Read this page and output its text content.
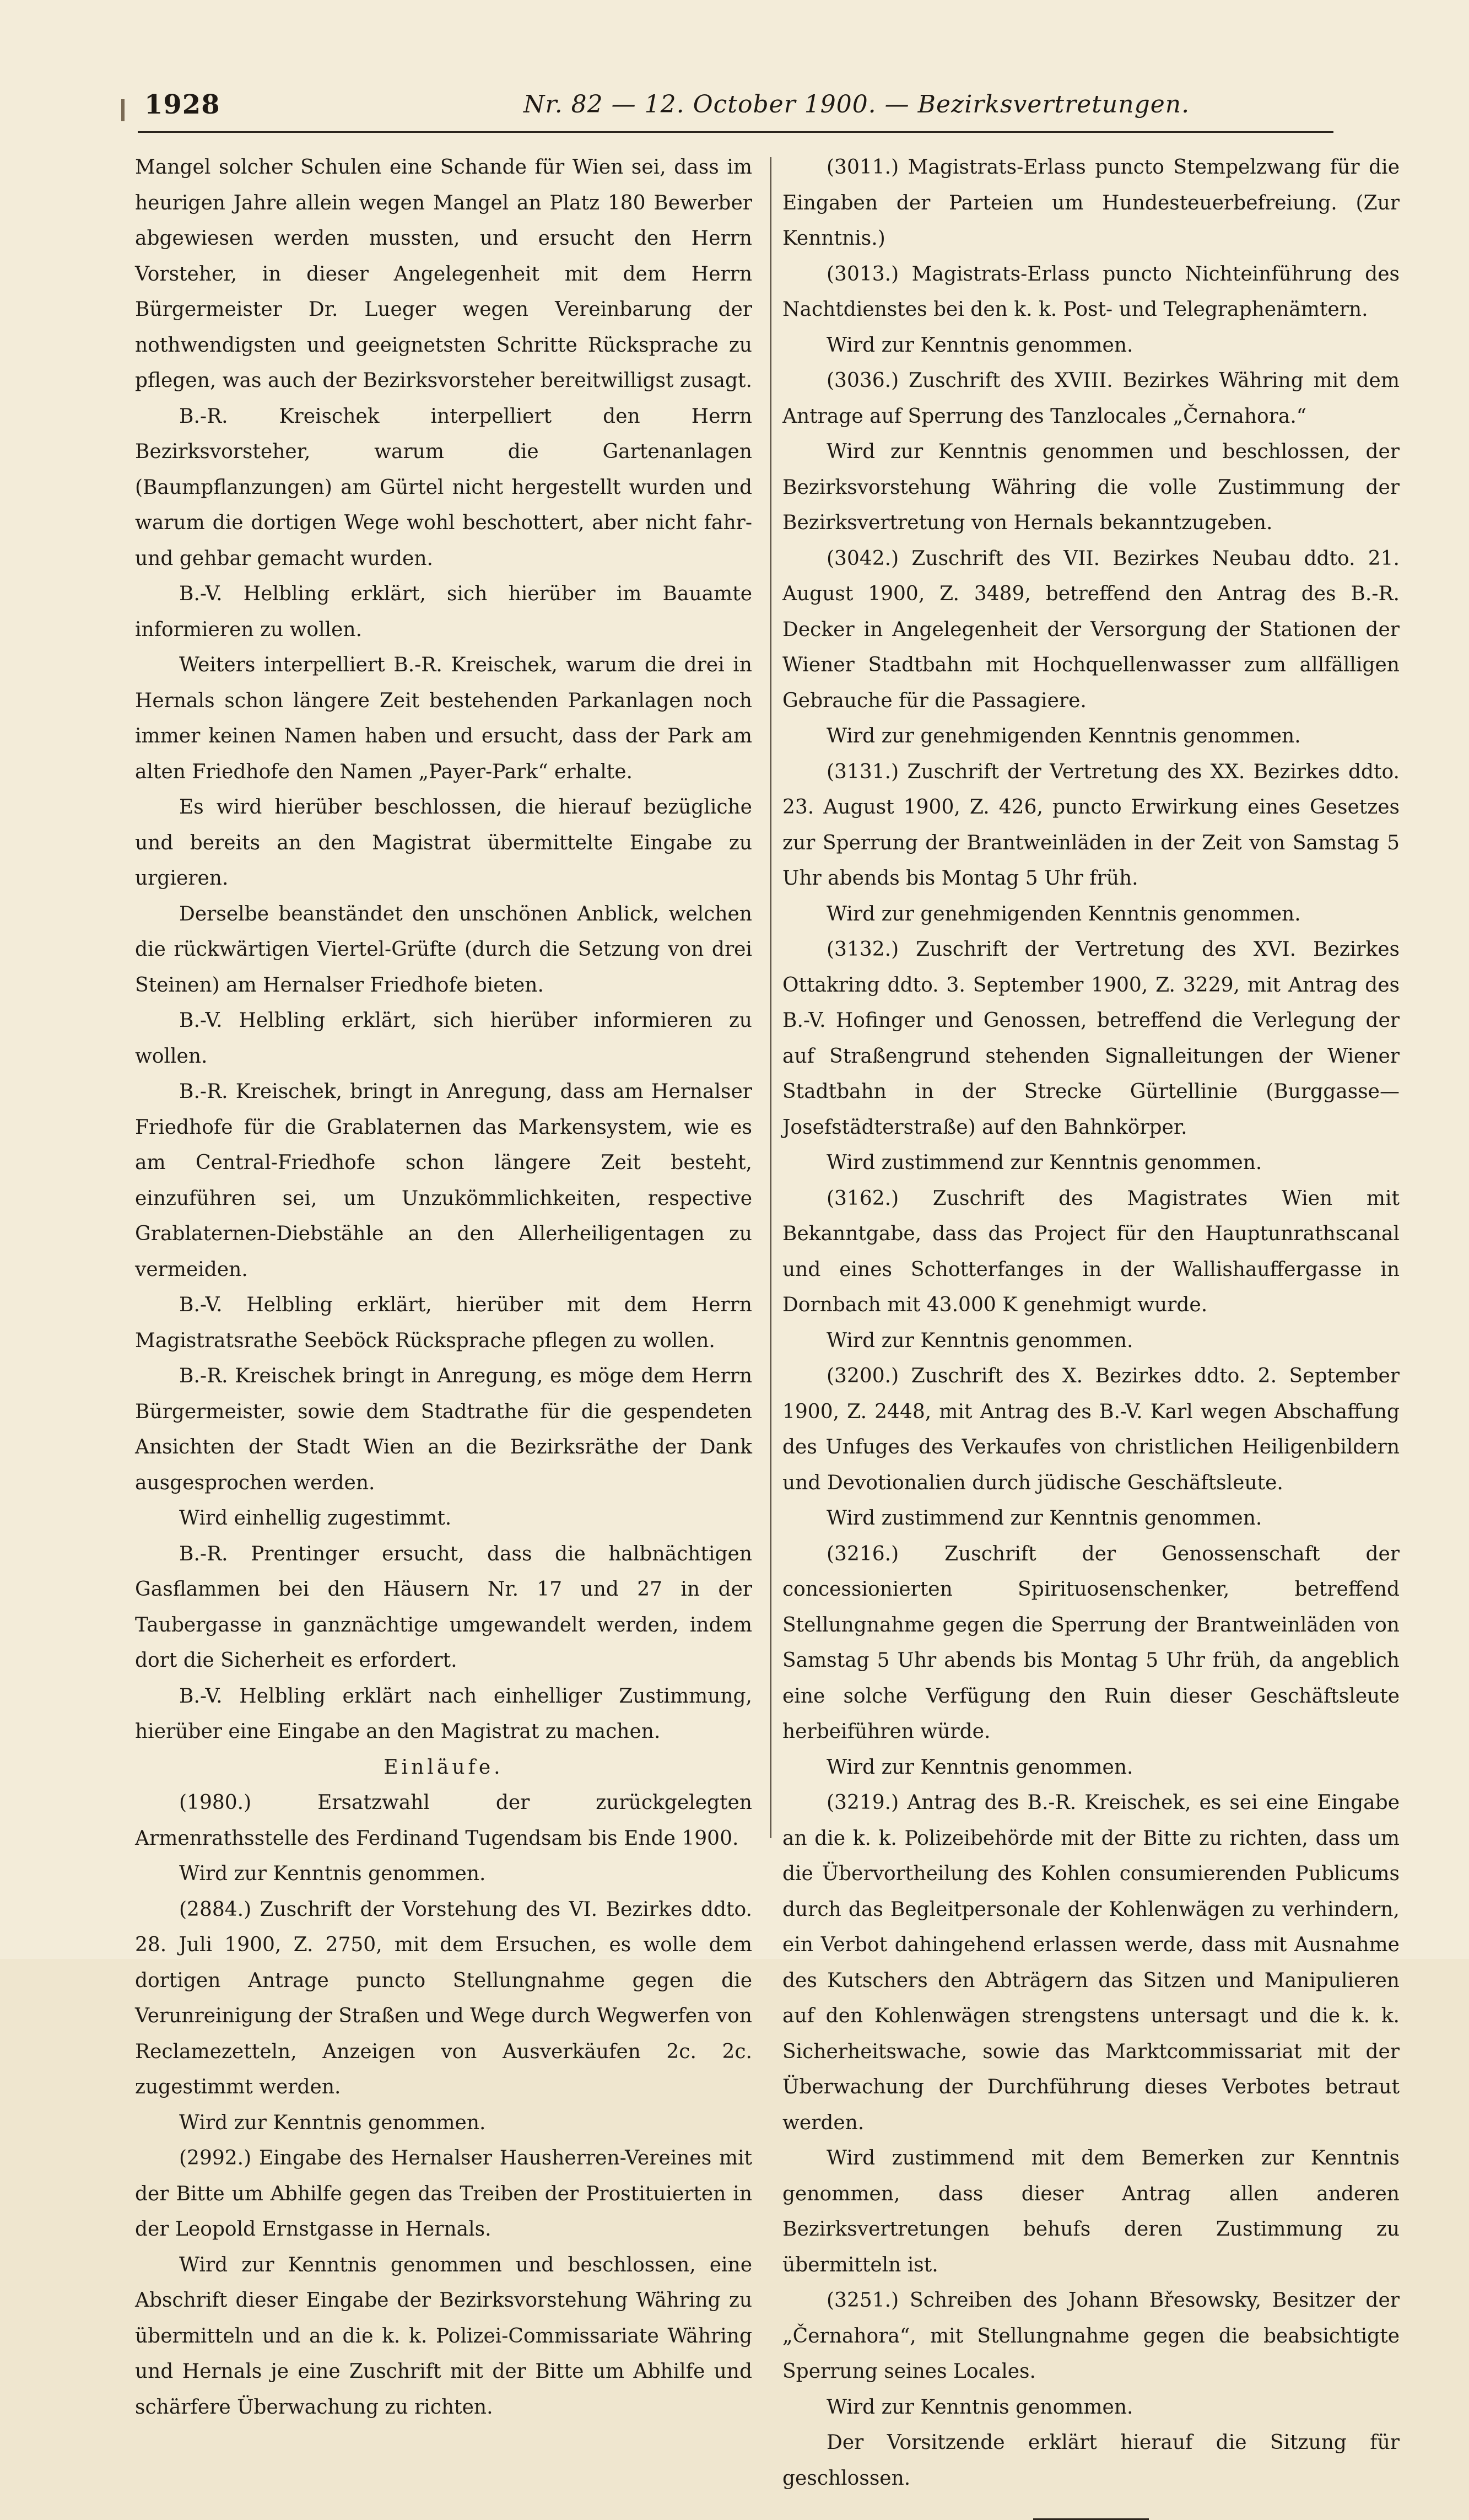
1928	Nr. 82 — 12. October 1900. — Bezirksvertretungen.

Mangel solcher Schulen eine Schande für Wien sei, dass im heurigen Jahre allein wegen Mangel an Platz 180 Bewerber abgewiesen werden mussten, und ersucht den Herrn Vorsteher, in dieser Angelegenheit mit dem Herrn Bürgermeister Dr. Lueger wegen Vereinbarung der nothwendigsten und geeignetsten Schritte Rücksprache zu pflegen, was auch der Bezirksvorsteher bereitwilligst zusagt.

B.-R. Kreischek interpelliert den Herrn Bezirksvorsteher, warum die Gartenanlagen (Baumpflanzungen) am Gürtel nicht hergestellt wurden und warum die dortigen Wege wohl beschottert, aber nicht fahr- und gehbar gemacht wurden.

B.-V. Helbling erklärt, sich hierüber im Bauamte informieren zu wollen.

Weiters interpelliert B.-R. Kreischek, warum die drei in Hernals schon längere Zeit bestehenden Parkanlagen noch immer keinen Namen haben und ersucht, dass der Park am alten Friedhofe den Namen „Payer-Park“ erhalte.

Es wird hierüber beschlossen, die hierauf bezügliche und bereits an den Magistrat übermittelte Eingabe zu urgieren.

Derselbe beanständet den unschönen Anblick, welchen die rückwärtigen Viertel-Grüfte (durch die Setzung von drei Steinen) am Hernalser Friedhofe bieten.

B.-V. Helbling erklärt, sich hierüber informieren zu wollen.

B.-R. Kreischek, bringt in Anregung, dass am Hernalser Friedhofe für die Grablaternen das Markensystem, wie es am Central-Friedhofe schon längere Zeit besteht, einzuführen sei, um Unzukömmlichkeiten, respective Grablaternen-Diebstähle an den Allerheiligentagen zu vermeiden.

B.-V. Helbling erklärt, hierüber mit dem Herrn Magistratsrathe Seeböck Rücksprache pflegen zu wollen.

B.-R. Kreischek bringt in Anregung, es möge dem Herrn Bürgermeister, sowie dem Stadtrathe für die gespendeten Ansichten der Stadt Wien an die Bezirksräthe der Dank ausgesprochen werden.

Wird einhellig zugestimmt.

B.-R. Prentinger ersucht, dass die halbnächtigen Gasflammen bei den Häusern Nr. 17 und 27 in der Taubergasse in ganznächtige umgewandelt werden, indem dort die Sicherheit es erfordert.

B.-V. Helbling erklärt nach einhelliger Zustimmung, hierüber eine Eingabe an den Magistrat zu machen.

Einläufe.

(1980.) Ersatzwahl der zurückgelegten Armenrathsstelle des Ferdinand Tugendsam bis Ende 1900.

Wird zur Kenntnis genommen.

(2884.) Zuschrift der Vorstehung des VI. Bezirkes ddto. 28. Juli 1900, Z. 2750, mit dem Ersuchen, es wolle dem dortigen Antrage puncto Stellungnahme gegen die Verunreinigung der Straßen und Wege durch Wegwerfen von Reclamezetteln, Anzeigen von Ausverkäufen 2c. 2c. zugestimmt werden.

Wird zur Kenntnis genommen.

(2992.) Eingabe des Hernalser Hausherren-Vereines mit der Bitte um Abhilfe gegen das Treiben der Prostituierten in der Leopold Ernstgasse in Hernals.

Wird zur Kenntnis genommen und beschlossen, eine Abschrift dieser Eingabe der Bezirksvorstehung Währing zu übermitteln und an die k. k. Polizei-Commissariate Währing und Hernals je eine Zuschrift mit der Bitte um Abhilfe und schärfere Überwachung zu richten.

(3011.) Magistrats-Erlass puncto Stempelzwang für die Eingaben der Parteien um Hundesteuerbefreiung. (Zur Kenntnis.)

(3013.) Magistrats-Erlass puncto Nichteinführung des Nachtdienstes bei den k. k. Post- und Telegraphenämtern.

Wird zur Kenntnis genommen.

(3036.) Zuschrift des XVIII. Bezirkes Währing mit dem Antrage auf Sperrung des Tanzlocales „Černahora.“

Wird zur Kenntnis genommen und beschlossen, der Bezirksvorstehung Währing die volle Zustimmung der Bezirksvertretung von Hernals bekanntzugeben.

(3042.) Zuschrift des VII. Bezirkes Neubau ddto. 21. August 1900, Z. 3489, betreffend den Antrag des B.-R. Decker in Angelegenheit der Versorgung der Stationen der Wiener Stadtbahn mit Hochquellenwasser zum allfälligen Gebrauche für die Passagiere.

Wird zur genehmigenden Kenntnis genommen.

(3131.) Zuschrift der Vertretung des XX. Bezirkes ddto. 23. August 1900, Z. 426, puncto Erwirkung eines Gesetzes zur Sperrung der Brantweinläden in der Zeit von Samstag 5 Uhr abends bis Montag 5 Uhr früh.

Wird zur genehmigenden Kenntnis genommen.

(3132.) Zuschrift der Vertretung des XVI. Bezirkes Ottakring ddto. 3. September 1900, Z. 3229, mit Antrag des B.-V. Hofinger und Genossen, betreffend die Verlegung der auf Straßengrund stehenden Signalleitungen der Wiener Stadtbahn in der Strecke Gürtellinie (Burggasse—Josefstädterstraße) auf den Bahnkörper.

Wird zustimmend zur Kenntnis genommen.

(3162.) Zuschrift des Magistrates Wien mit Bekanntgabe, dass das Project für den Hauptunrathscanal und eines Schotterfanges in der Wallishauffergasse in Dornbach mit 43.000 K genehmigt wurde.

Wird zur Kenntnis genommen.

(3200.) Zuschrift des X. Bezirkes ddto. 2. September 1900, Z. 2448, mit Antrag des B.-V. Karl wegen Abschaffung des Unfuges des Verkaufes von christlichen Heiligenbildern und Devotionalien durch jüdische Geschäftsleute.

Wird zustimmend zur Kenntnis genommen.

(3216.) Zuschrift der Genossenschaft der concessionierten Spirituosenschenker, betreffend Stellungnahme gegen die Sperrung der Brantweinläden von Samstag 5 Uhr abends bis Montag 5 Uhr früh, da angeblich eine solche Verfügung den Ruin dieser Geschäftsleute herbeiführen würde.

Wird zur Kenntnis genommen.

(3219.) Antrag des B.-R. Kreischek, es sei eine Eingabe an die k. k. Polizeibehörde mit der Bitte zu richten, dass um die Übervortheilung des Kohlen consumierenden Publicums durch das Begleitpersonale der Kohlenwägen zu verhindern, ein Verbot dahingehend erlassen werde, dass mit Ausnahme des Kutschers den Abträgern das Sitzen und Manipulieren auf den Kohlenwägen strengstens untersagt und die k. k. Sicherheitswache, sowie das Marktcommissariat mit der Überwachung der Durchführung dieses Verbotes betraut werden.

Wird zustimmend mit dem Bemerken zur Kenntnis genommen, dass dieser Antrag allen anderen Bezirksvertretungen behufs deren Zustimmung zu übermitteln ist.

(3251.) Schreiben des Johann Břesowsky, Besitzer der „Černahora“, mit Stellungnahme gegen die beabsichtigte Sperrung seines Locales.

Wird zur Kenntnis genommen.

Der Vorsitzende erklärt hierauf die Sitzung für geschlossen.
